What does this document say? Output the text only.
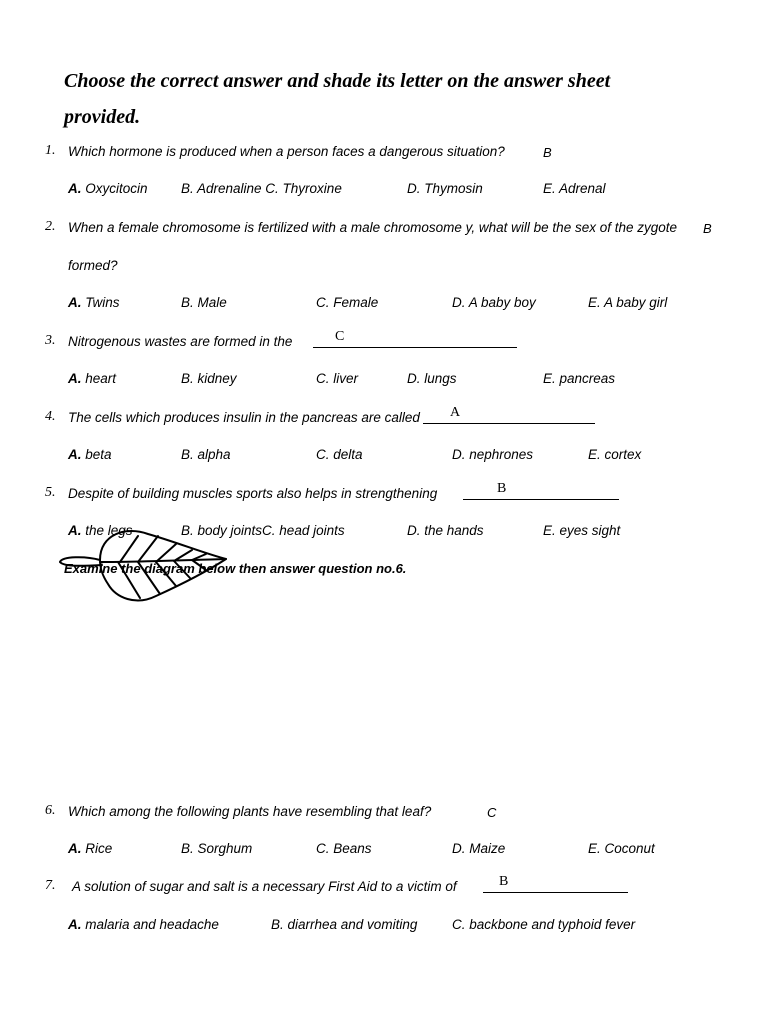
Choose the correct answer and shade its letter on the answer sheet
provided.
1. Which hormone is produced when a person faces a dangerous situation?	B
A. Oxycitocin B. Adrenaline C. Thyroxine	D. Thymosin	E. Adrenal
2. When a female chromosome is fertilized with a male chromosome y, what will be the sex of the zygote B
formed?
A. Twins	B. Male	C. Female	D. A baby boy	E. A baby girl
3. Nitrogenous wastes are formed in the	C
A. heart	B. kidney	C. liver	D. lungs	E. pancreas
4. The cells which produces insulin in the pancreas are called A
A. beta	B. alpha	C. delta	D. nephrones	E. cortex
5. Despite of building muscles sports also helps in strengthening	B
A. the legs	B. body jointsC. head joints	D. the hands	E. eyes sight
Examine the diagram below then answer question no.6.
6. Which among the following plants have resembling that leaf?	C
A. Rice	B. Sorghum	C. Beans	D. Maize	E. Coconut
7. A solution of sugar and salt is a necessary First Aid to a victim of	B
A. malaria and headache	B. diarrhea and vomiting	C. backbone and typhoid fever
